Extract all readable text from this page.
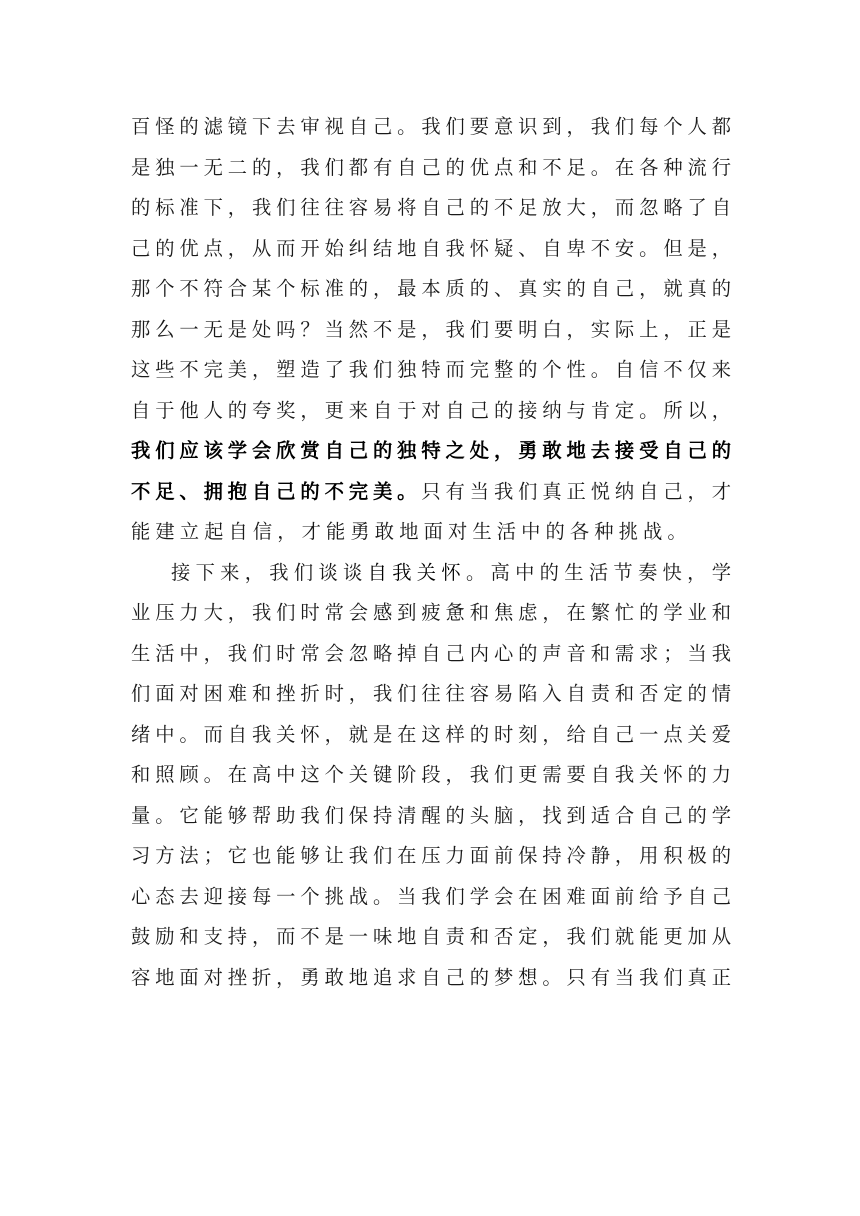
百怪的滤镜下去审视自己。我们要意识到，我们每个人都
是独一无二的，我们都有自己的优点和不足。在各种流行
的标准下，我们往往容易将自己的不足放大，而忽略了自
己的优点，从而开始纠结地自我怀疑、自卑不安。但是，
那个不符合某个标准的，最本质的、真实的自己，就真的
那么一无是处吗？当然不是，我们要明白，实际上，正是
这些不完美，塑造了我们独特而完整的个性。自信不仅来
自于他人的夸奖，更来自于对自己的接纳与肯定。所以，
我们应该学会欣赏自己的独特之处，勇敢地去接受自己的
不足、拥抱自己的不完美。只有当我们真正悦纳自己，才
能建立起自信，才能勇敢地面对生活中的各种挑战。
接下来，我们谈谈自我关怀。高中的生活节奏快，学
业压力大，我们时常会感到疲惫和焦虑，在繁忙的学业和
生活中，我们时常会忽略掉自己内心的声音和需求；当我
们面对困难和挫折时，我们往往容易陷入自责和否定的情
绪中。而自我关怀，就是在这样的时刻，给自己一点关爱
和照顾。在高中这个关键阶段，我们更需要自我关怀的力
量。它能够帮助我们保持清醒的头脑，找到适合自己的学
习方法；它也能够让我们在压力面前保持冷静，用积极的
心态去迎接每一个挑战。当我们学会在困难面前给予自己
鼓励和支持，而不是一味地自责和否定，我们就能更加从
容地面对挫折，勇敢地追求自己的梦想。只有当我们真正
